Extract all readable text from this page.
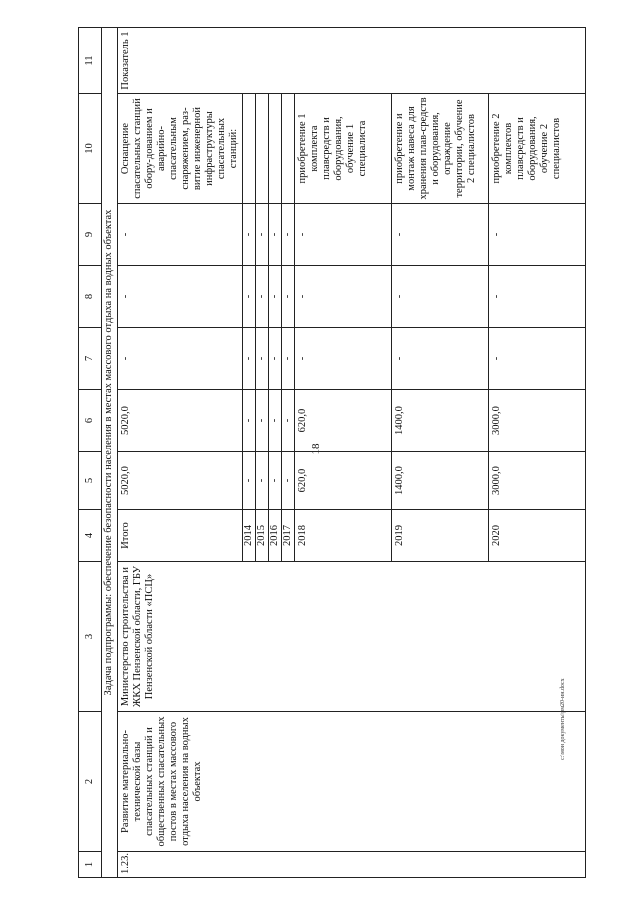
18
1	2	3	4	5	6	7	8	9	10	11
Задача подпрограммы: обеспечение безопасности населения в местах массового отдыха на водных объектах										
1.23.	Развитие материально-технической базы спасательных станций и общественных спасательных постов в местах массового отдыха населения на водных объектах	Министерство строительства и ЖКХ Пензенской области, ГБУ Пензенской области «ПСЦ»	Итого	5020,0	5020,0	-	-	-	Оснащение спасательных станций обору-дованием и аварийно-спасательным снаряжением, раз-витие инженерной инфраструктуры спасательных станций:	Показатель 1
			2014	-	-	-	-	-		
			2015	-	-	-	-	-		
			2016	-	-	-	-	-		
			2017	-	-	-	-	-		
			2018	620,0	620,0	-	-	-	приобретение 1 комплекта плавсредств и оборудования, обучение 1 специалиста	
			2019	1400,0	1400,0	-	-	-	приобретение и монтаж навеса для хранения плав-средств и оборудования, ограждение территории, обучение 2 специалистов	
			2020	3000,0	3000,0	-	-	-	приобретение 2 комплектов плавсредств и оборудования, обучение 2 специалистов	
c:\мои документы\рм20-ин.docx
